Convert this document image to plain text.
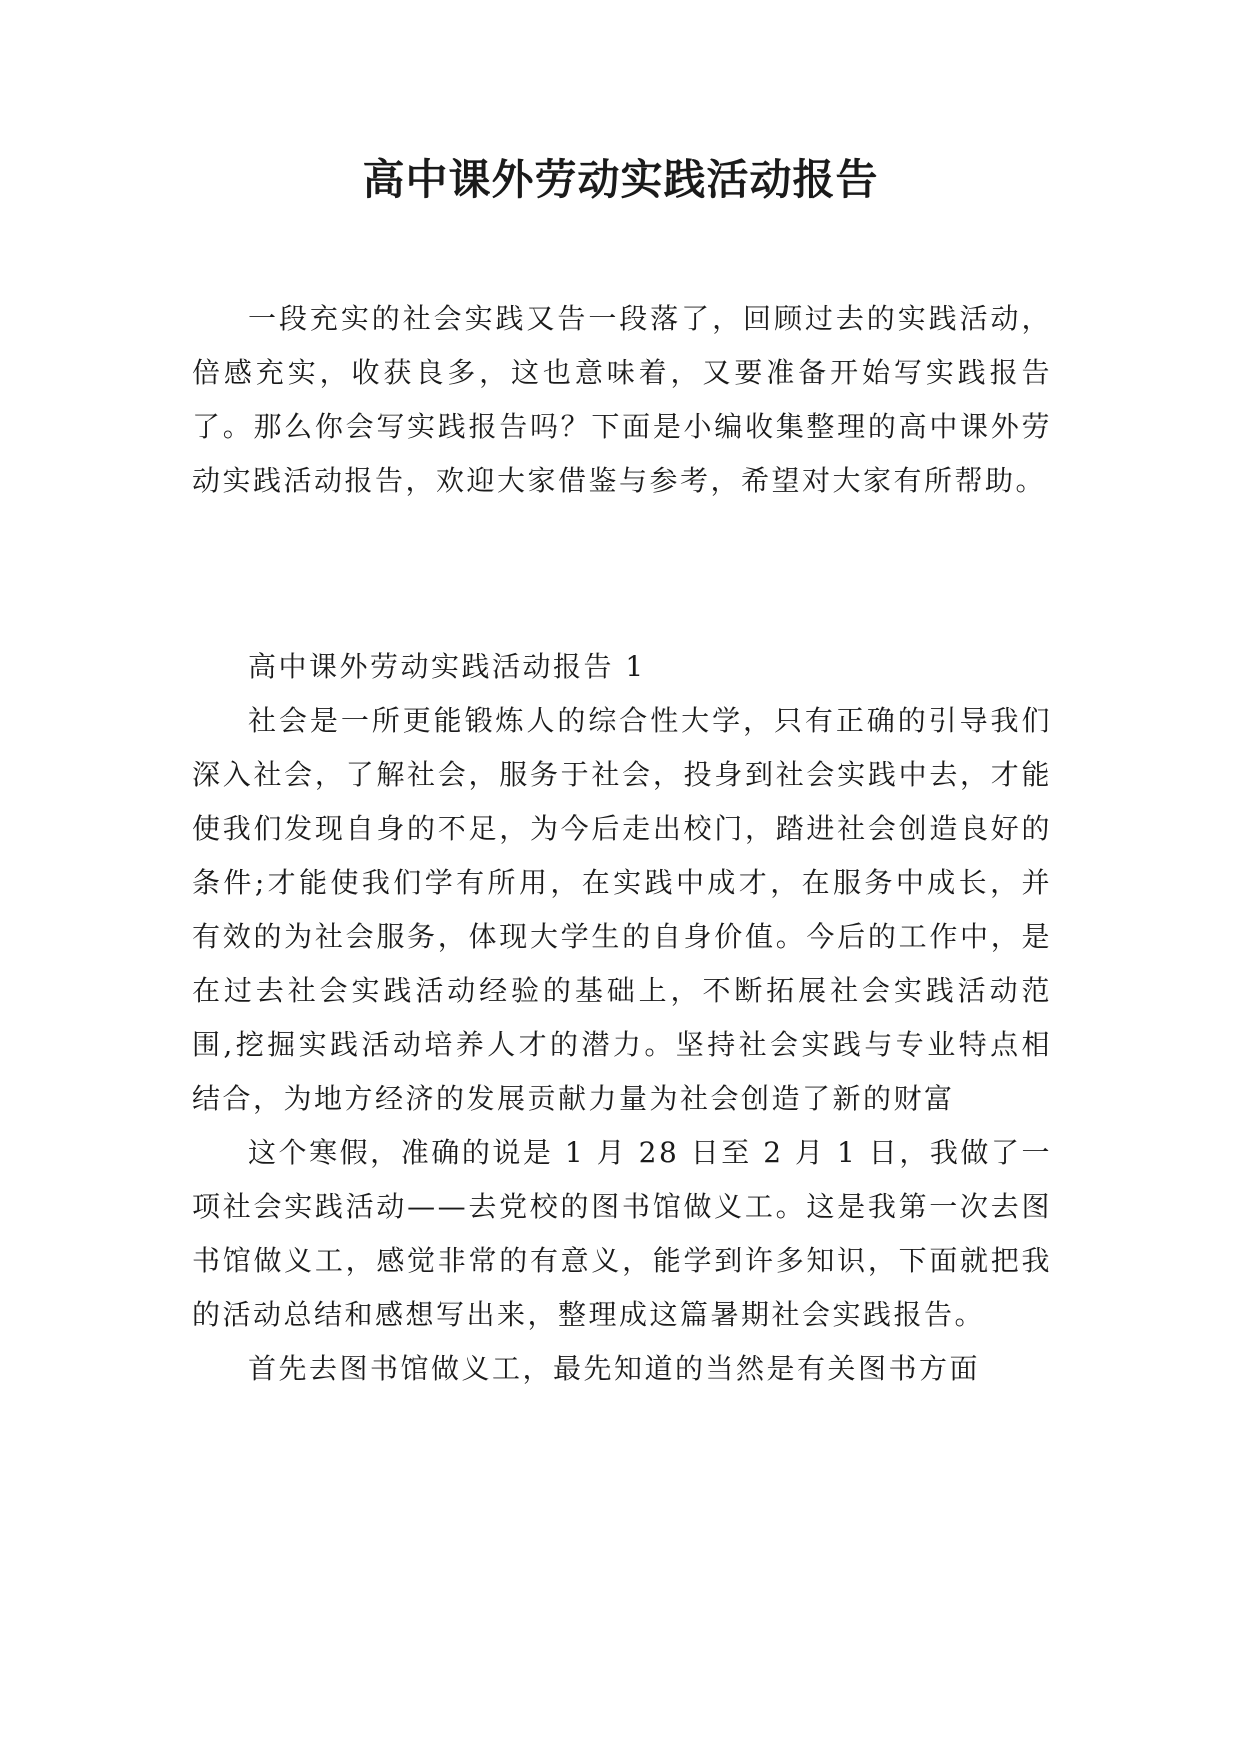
高中课外劳动实践活动报告

一段充实的社会实践又告一段落了，回顾过去的实践活动，倍感充实，收获良多，这也意味着，又要准备开始写实践报告了。那么你会写实践报告吗？下面是小编收集整理的高中课外劳动实践活动报告，欢迎大家借鉴与参考，希望对大家有所帮助。

高中课外劳动实践活动报告 1

社会是一所更能锻炼人的综合性大学，只有正确的引导我们深入社会，了解社会，服务于社会，投身到社会实践中去，才能使我们发现自身的不足，为今后走出校门，踏进社会创造良好的条件;才能使我们学有所用，在实践中成才，在服务中成长，并有效的为社会服务，体现大学生的自身价值。今后的工作中，是在过去社会实践活动经验的基础上，不断拓展社会实践活动范围,挖掘实践活动培养人才的潜力。坚持社会实践与专业特点相结合，为地方经济的发展贡献力量为社会创造了新的财富

这个寒假，准确的说是 1 月 28 日至 2 月 1 日，我做了一项社会实践活动——去党校的图书馆做义工。这是我第一次去图书馆做义工，感觉非常的有意义，能学到许多知识，下面就把我的活动总结和感想写出来，整理成这篇暑期社会实践报告。

首先去图书馆做义工，最先知道的当然是有关图书方面
